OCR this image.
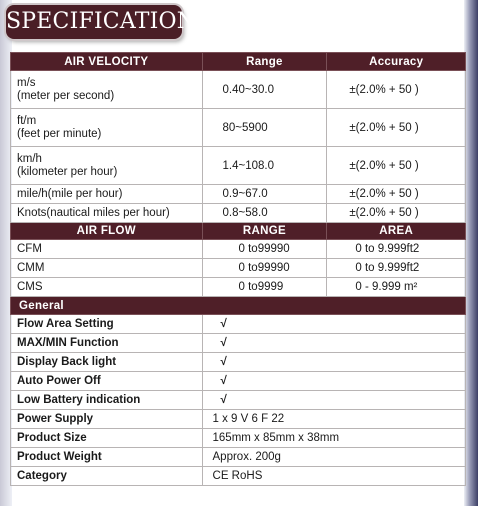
SPECIFICATIONS
AIR VELOCITY	Range	Accuracy

m/s
(meter per second)	0.40~30.0	±(2.0% + 50 )

ft/m
(feet per minute)	80~5900	±(2.0% + 50 )

km/h
(kilometer per hour)	1.4~108.0	±(2.0% + 50 )
mile/h(mile per hour)	0.9~67.0	±(2.0% + 50 )
Knots(nautical miles per hour)	0.8~58.0	±(2.0% + 50 )
AIR FLOW	RANGE	AREA
CFM	0 to99990	0 to 9.999ft2
CMM	0 to99990	0 to 9.999ft2
CMS	0 to9999	0 - 9.999 m²
General		
Flow Area Setting	√	
MAX/MIN Function	√	
Display Back light	√	
Auto Power Off	√	
Low Battery indication	√	
Power Supply	1 x 9 V 6 F 22	
Product Size	165mm x 85mm x 38mm	
Product Weight	Approx. 200g	
Category	CE RoHS	
